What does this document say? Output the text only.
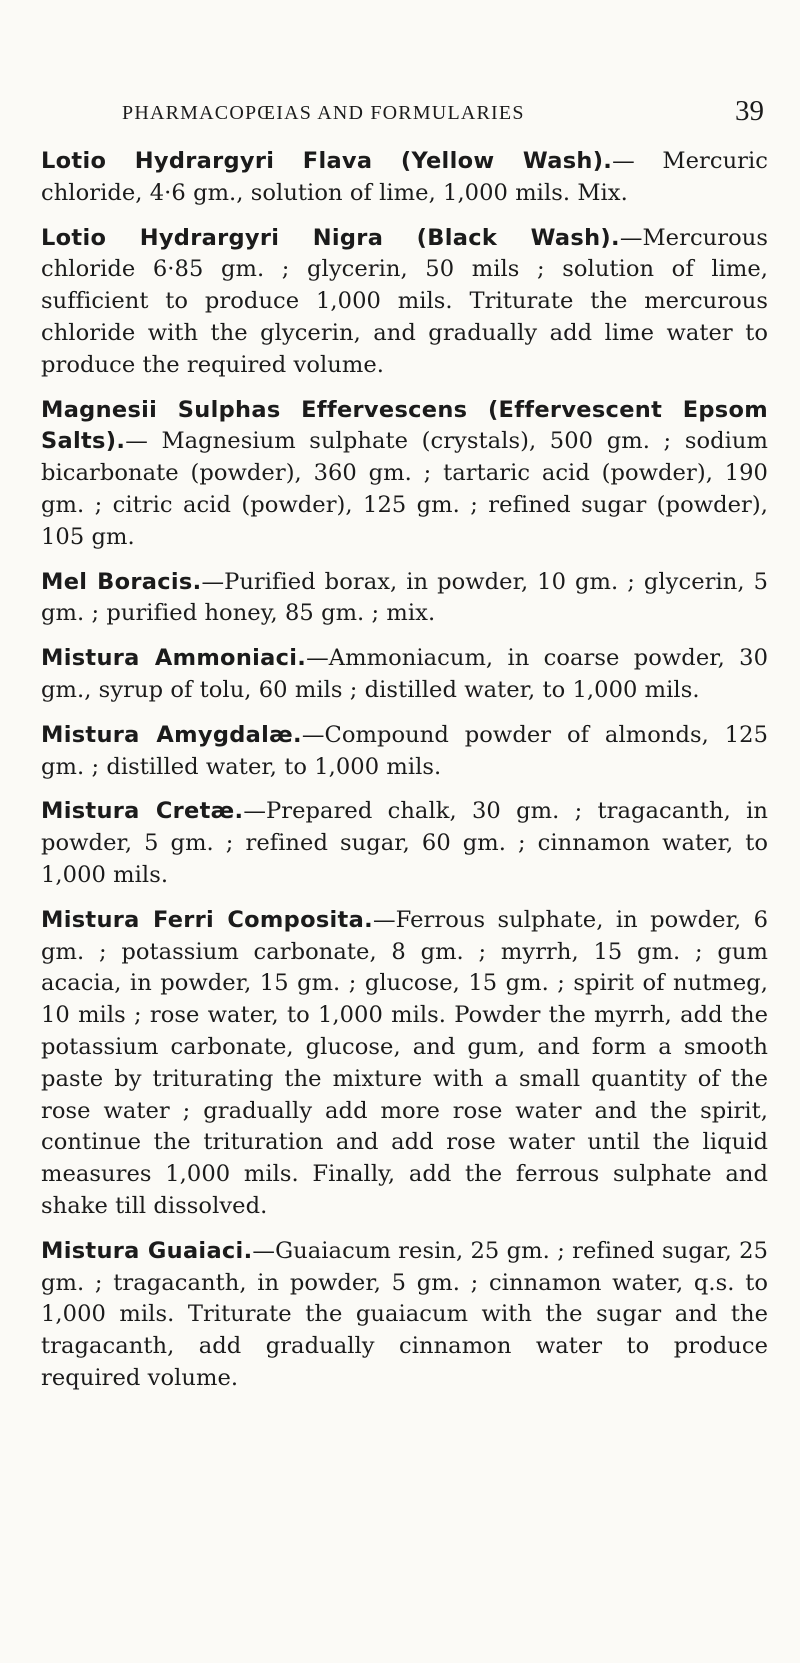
PHARMACOPŒIAS AND FORMULARIES	39

Lotio Hydrargyri Flava (Yellow Wash).— Mercuric chloride, 4·6 gm., solution of lime, 1,000 mils. Mix.

Lotio Hydrargyri Nigra (Black Wash).—Mercurous chloride 6·85 gm. ; glycerin, 50 mils ; solution of lime, sufficient to produce 1,000 mils. Triturate the mercurous chloride with the glycerin, and gradually add lime water to produce the required volume.

Magnesii Sulphas Effervescens (Effervescent Epsom Salts).— Magnesium sulphate (crystals), 500 gm. ; sodium bicarbonate (powder), 360 gm. ; tartaric acid (powder), 190 gm. ; citric acid (powder), 125 gm. ; refined sugar (powder), 105 gm.

Mel Boracis.—Purified borax, in powder, 10 gm. ; glycerin, 5 gm. ; purified honey, 85 gm. ; mix.

Mistura Ammoniaci.—Ammoniacum, in coarse powder, 30 gm., syrup of tolu, 60 mils ; distilled water, to 1,000 mils.

Mistura Amygdalæ.—Compound powder of almonds, 125 gm. ; distilled water, to 1,000 mils.

Mistura Cretæ.—Prepared chalk, 30 gm. ; tragacanth, in powder, 5 gm. ; refined sugar, 60 gm. ; cinnamon water, to 1,000 mils.

Mistura Ferri Composita.—Ferrous sulphate, in powder, 6 gm. ; potassium carbonate, 8 gm. ; myrrh, 15 gm. ; gum acacia, in powder, 15 gm. ; glucose, 15 gm. ; spirit of nutmeg, 10 mils ; rose water, to 1,000 mils. Powder the myrrh, add the potassium carbonate, glucose, and gum, and form a smooth paste by triturating the mixture with a small quantity of the rose water ; gradually add more rose water and the spirit, continue the trituration and add rose water until the liquid measures 1,000 mils. Finally, add the ferrous sulphate and shake till dissolved.

Mistura Guaiaci.—Guaiacum resin, 25 gm. ; refined sugar, 25 gm. ; tragacanth, in powder, 5 gm. ; cinnamon water, q.s. to 1,000 mils. Triturate the guaiacum with the sugar and the tragacanth, add gradually cinnamon water to produce required volume.
